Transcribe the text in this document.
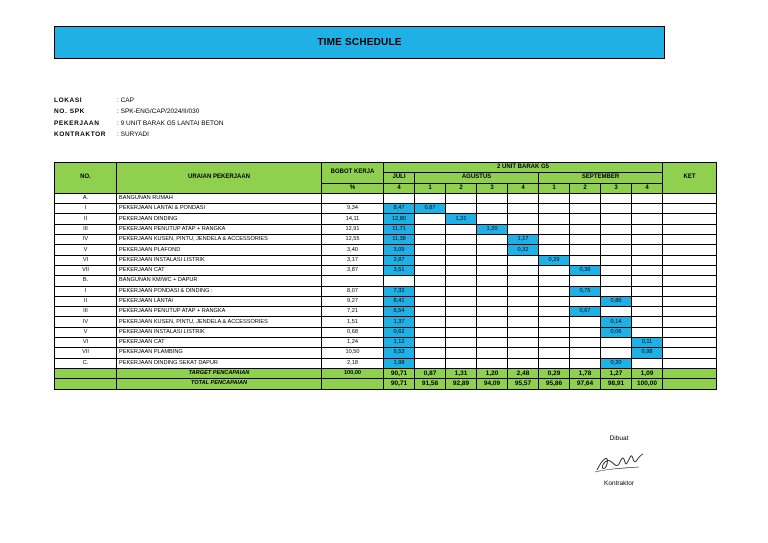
TIME SCHEDULE
LOKASI	: CAP
NO. SPK	: SPK-ENG/CAP/2024/II/030
PEKERJAAN	: 9 UNIT BARAK G5 LANTAI BETON
KONTRAKTOR	: SURYADI
NO.	URAIAN PEKERJAAN	BOBOT KERJA	2 UNIT BARAK G5									KET
			JULI	AGUSTUS				SEPTEMBER				
		%	4	1	2	3	4	1	2	3	4	
A.	BANGUNAN RUMAH											
I	PEKERJAAN LANTAI & PONDASI	9,34	8,47	0,87								
II	PEKERJAAN DINDING	14,11	12,80		1,31							
III	PEKERJAAN PENUTUP ATAP + RANGKA	12,91	11,71			1,20						
IV	PEKERJAAN KUSEN, PINTU, JENDELA & ACCESSORIES	12,55	11,38				1,17					
V	PEKERJAAN PLAFOND	3,40	3,09				0,32					
VI	PEKERJAAN INSTALASI LISTRIK	3,17	2,87					0,29				
VII	PEKERJAAN CAT	3,87	3,51						0,36			
B.	BANGUNAN KM/WC + DAPUR											
I	PEKERJAAN PONDASI & DINDING :	8,07	7,32						0,75			
II	PEKERJAAN LANTAI	9,27	8,41							0,86		
III	PEKERJAAN PENUTUP ATAP + RANGKA	7,21	6,54						0,67			
IV	PEKERJAAN KUSEN, PINTU, JENDELA & ACCESSORIES	1,51	1,37							0,14		
V	PEKERJAAN INSTALASI LISTRIK	0,68	0,62							0,06		
VI	PEKERJAAN CAT	1,24	1,12								0,11	
VII	PEKERJAAN PLAMBING	10,50	9,53								0,98	
C.	PEKERJAAN DINDING SEKAT DAPUR	2,18	1,98							0,20		
	TARGET PENCAPAIAN	100,00	90,71	0,87	1,31	1,20	2,48	0,29	1,78	1,27	1,09	
	TOTAL PENCAPAIAN		90,71	91,58	92,89	94,09	95,57	95,86	97,64	98,91	100,00	
Dibuat
Kontraktor
